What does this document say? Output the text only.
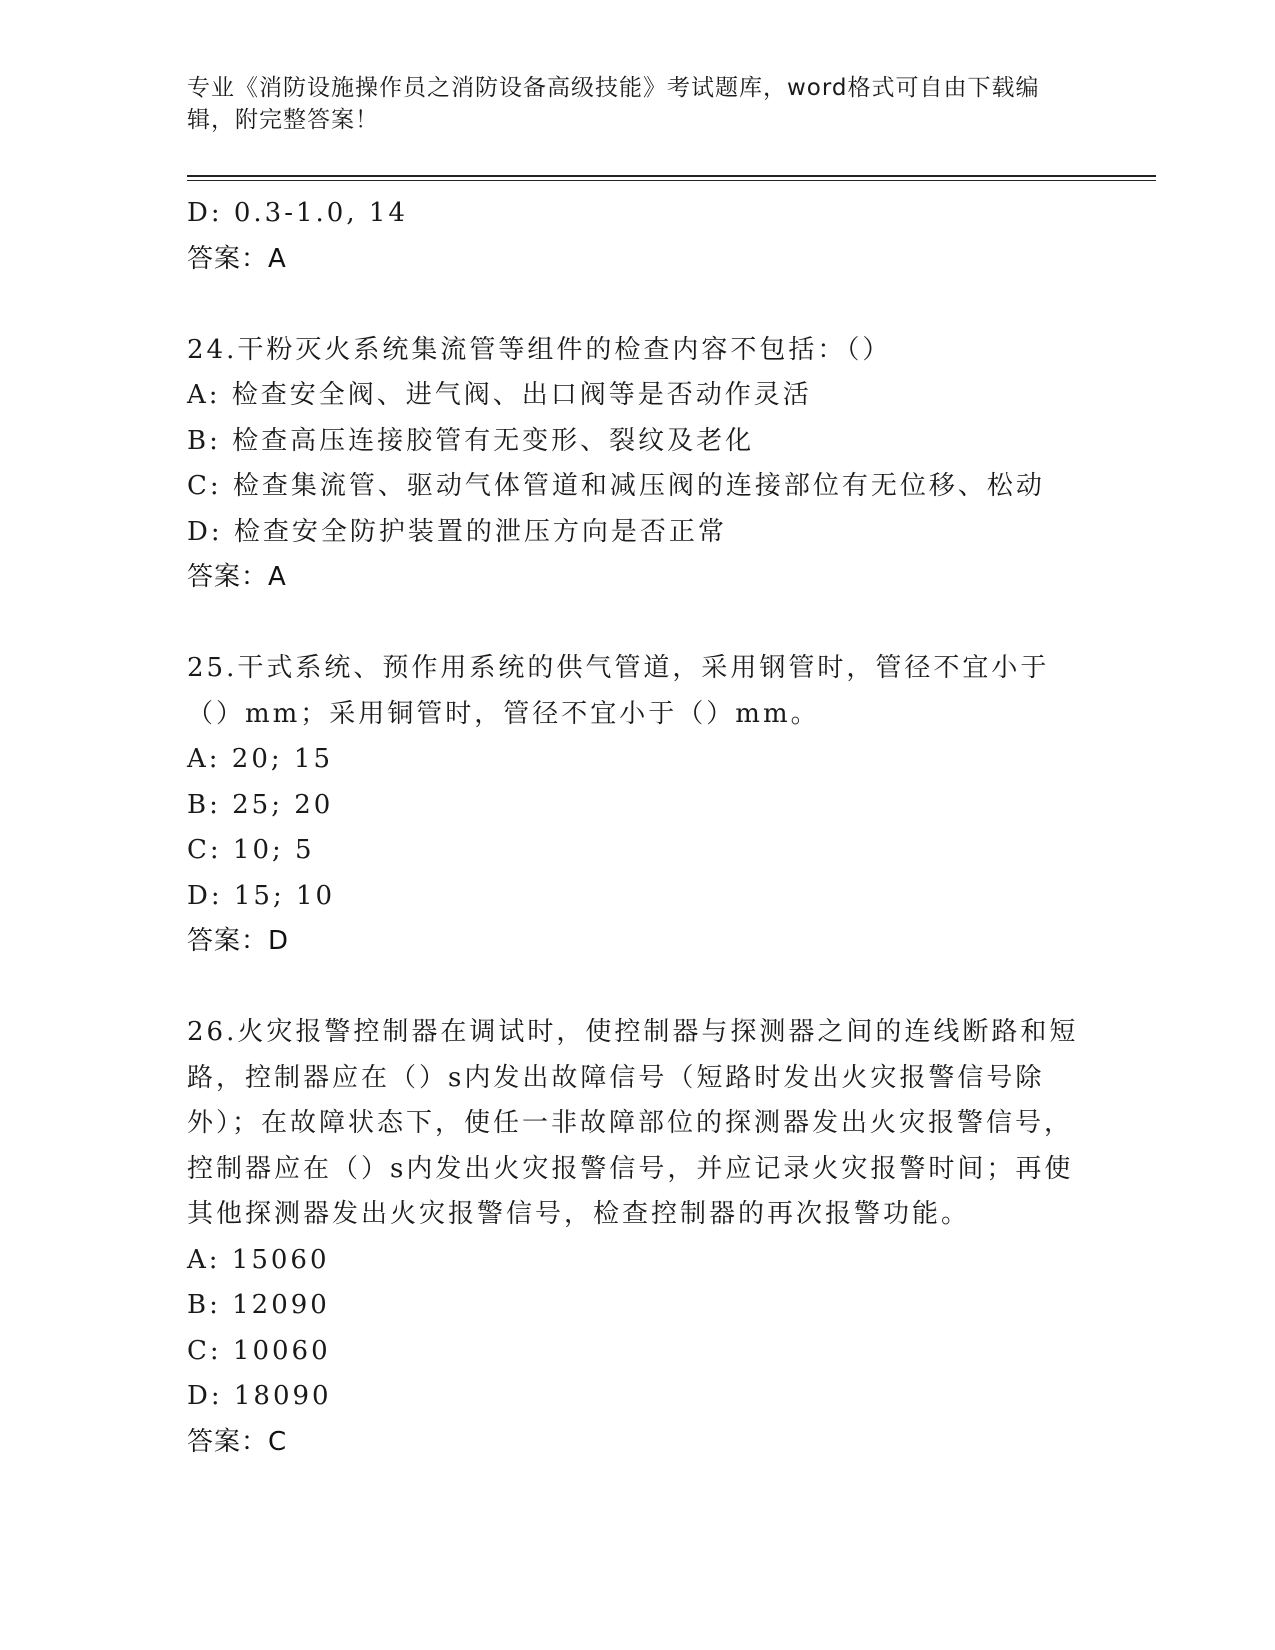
专业《消防设施操作员之消防设备高级技能》考试题库，word格式可自由下载编辑，附完整答案！
D: 0.3-1.0, 14
答案：A
24.干粉灭火系统集流管等组件的检查内容不包括：（）
A: 检查安全阀、进气阀、出口阀等是否动作灵活
B: 检查高压连接胶管有无变形、裂纹及老化
C: 检查集流管、驱动气体管道和减压阀的连接部位有无位移、松动
D: 检查安全防护装置的泄压方向是否正常
答案：A
25.干式系统、预作用系统的供气管道，采用钢管时，管径不宜小于（）mm；采用铜管时，管径不宜小于（）mm。
A: 20; 15
B: 25; 20
C: 10; 5
D: 15; 10
答案：D
26.火灾报警控制器在调试时，使控制器与探测器之间的连线断路和短路，控制器应在（）s内发出故障信号（短路时发出火灾报警信号除外）；在故障状态下，使任一非故障部位的探测器发出火灾报警信号，控制器应在（）s内发出火灾报警信号，并应记录火灾报警时间；再使其他探测器发出火灾报警信号，检查控制器的再次报警功能。
A: 15060
B: 12090
C: 10060
D: 18090
答案：C
